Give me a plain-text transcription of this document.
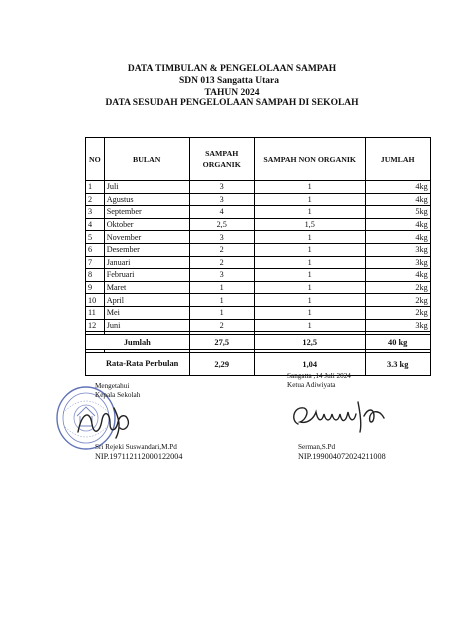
DATA TIMBULAN & PENGELOLAAN SAMPAH
SDN 013 Sangatta Utara
TAHUN 2024
DATA SESUDAH PENGELOLAAN SAMPAH DI SEKOLAH
NO	BULAN	SAMPAH ORGANIK	SAMPAH NON ORGANIK	JUMLAH
1	Juli	3	1	4kg
2	Agustus	3	1	4kg
3	September	4	1	5kg
4	Oktober	2,5	1,5	4kg
5	November	3	1	4kg
6	Desember	2	1	3kg
7	Januari	2	1	3kg
8	Februari	3	1	4kg
9	Maret	1	1	2kg
10	April	1	1	2kg
11	Mei	1	1	2kg
12	Juni	2	1	3kg

Jumlah		27,5	12,5	40 kg

Rata-Rata Perbulan		2,29	1,04	3.3 kg
Sangatta ,14 Juli 2024
Ketua Adiwiyata
Mengetahui
Kepala Sekolah
Sri Rejeki Suswandari,M.Pd
NIP.197112112000122004
Serman,S.Pd
NIP.199004072024211008
